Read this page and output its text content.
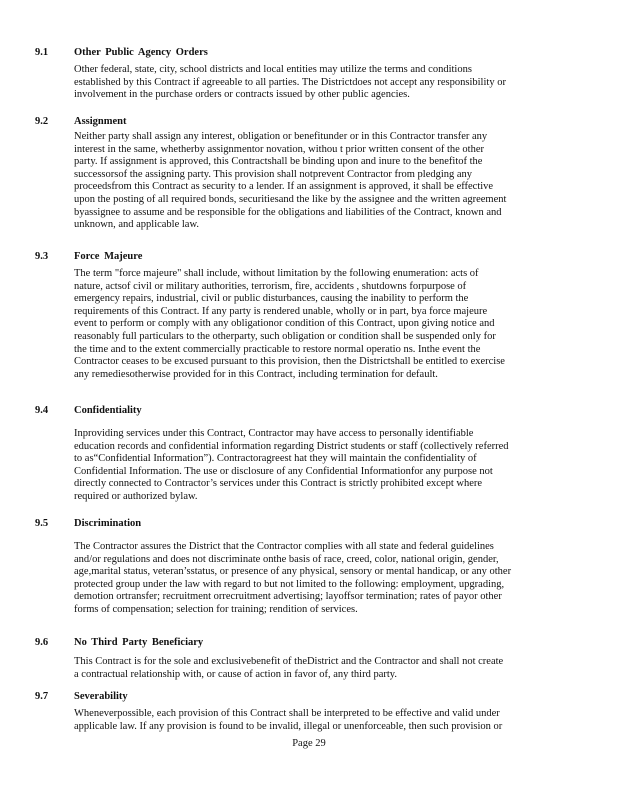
9.1 Other Public Agency Orders
Other federal, state, city, school districts and local entities may utilize the terms and conditions
established by this Contract if agreeable to all parties. The Districtdoes not accept any responsibility or
involvement in the purchase orders or contracts issued by other public agencies.
9.2 Assignment
Neither party shall assign any interest, obligation or benefitunder or in this Contractor transfer any
interest in the same, whetherby assignmentor novation, withou t prior written consent of the other
party. If assignment is approved, this Contractshall be binding upon and inure to the benefitof the
successorsof the assigning party. This provision shall notprevent Contractor from pledging any
proceedsfrom this Contract as security to a lender. If an assignment is approved, it shall be effective
upon the posting of all required bonds, securitiesand the like by the assignee and the written agreement
byassignee to assume and be responsible for the obligations and liabilities of the Contract, known and
unknown, and applicable law.
9.3 Force Majeure
The term "force majeure" shall include, without limitation by the following enumeration: acts of
nature, actsof civil or military authorities, terrorism, fire, accidents , shutdowns forpurpose of
emergency repairs, industrial, civil or public disturbances, causing the inability to perform the
requirements of this Contract. If any party is rendered unable, wholly or in part, bya force majeure
event to perform or comply with any obligationor condition of this Contract, upon giving notice and
reasonably full particulars to the otherparty, such obligation or condition shall be suspended only for
the time and to the extent commercially practicable to restore normal operatio ns. Inthe event the
Contractor ceases to be excused pursuant to this provision, then the Districtshall be entitled to exercise
any remediesotherwise provided for in this Contract, including termination for default.
9.4 Confidentiality
Inproviding services under this Contract, Contractor may have access to personally identifiable
education records and confidential information regarding District students or staff (collectively referred
to as“Confidential Information”). Contractoragreest hat they will maintain the confidentiality of
Confidential Information. The use or disclosure of any Confidential Informationfor any purpose not
directly connected to Contractor’s services under this Contract is strictly prohibited except where
required or authorized bylaw.
9.5 Discrimination
The Contractor assures the District that the Contractor complies with all state and federal guidelines
and/or regulations and does not discriminate onthe basis of race, creed, color, national origin, gender,
age,marital status, veteran’sstatus, or presence of any physical, sensory or mental handicap, or any other
protected group under the law with regard to but not limited to the following: employment, upgrading,
demotion ortransfer; recruitment orrecruitment advertising; layoffsor termination; rates of payor other
forms of compensation; selection for training; rendition of services.
9.6 No Third Party Beneficiary
This Contract is for the sole and exclusivebenefit of theDistrict and the Contractor and shall not create
a contractual relationship with, or cause of action in favor of, any third party.
9.7 Severability
Wheneverpossible, each provision of this Contract shall be interpreted to be effective and valid under
applicable law. If any provision is found to be invalid, illegal or unenforceable, then such provision or
Page 29
